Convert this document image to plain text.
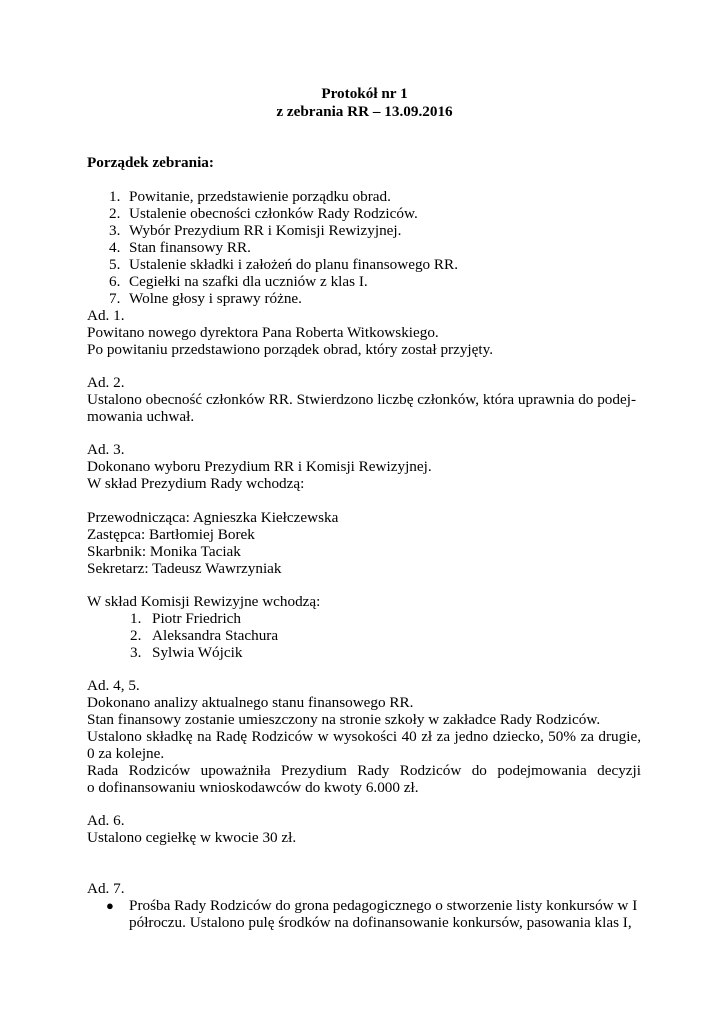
Protokół nr 1
z zebrania RR – 13.09.2016
Porządek zebrania:
1. Powitanie, przedstawienie porządku obrad.
2. Ustalenie obecności członków Rady Rodziców.
3. Wybór Prezydium RR i Komisji Rewizyjnej.
4. Stan finansowy RR.
5. Ustalenie składki i założeń do planu finansowego RR.
6. Cegiełki na szafki dla uczniów z klas I.
7. Wolne głosy i sprawy różne.
Ad. 1.
Powitano nowego dyrektora Pana Roberta Witkowskiego.
Po powitaniu przedstawiono porządek obrad, który został przyjęty.
Ad. 2.
Ustalono obecność członków RR. Stwierdzono liczbę członków, która uprawnia do podej-
mowania uchwał.
Ad. 3.
Dokonano wyboru Prezydium RR i Komisji Rewizyjnej.
W skład Prezydium Rady wchodzą:
Przewodnicząca: Agnieszka Kiełczewska
Zastępca: Bartłomiej Borek
Skarbnik: Monika Taciak
Sekretarz: Tadeusz Wawrzyniak
W skład Komisji Rewizyjne wchodzą:
1. Piotr Friedrich
2. Aleksandra Stachura
3. Sylwia Wójcik
Ad. 4, 5.
Dokonano analizy aktualnego stanu finansowego RR.
Stan finansowy zostanie umieszczony na stronie szkoły w zakładce Rady Rodziców.
Ustalono składkę na Radę Rodziców w wysokości 40 zł za jedno dziecko, 50% za drugie,
0 za kolejne.
Rada Rodziców upoważniła Prezydium Rady Rodziców do podejmowania decyzji
o dofinansowaniu wnioskodawców do kwoty 6.000 zł.
Ad. 6.
Ustalono cegiełkę w kwocie 30 zł.
Ad. 7.
● Prośba Rady Rodziców do grona pedagogicznego o stworzenie listy konkursów w I
półroczu. Ustalono pulę środków na dofinansowanie konkursów, pasowania klas I,
